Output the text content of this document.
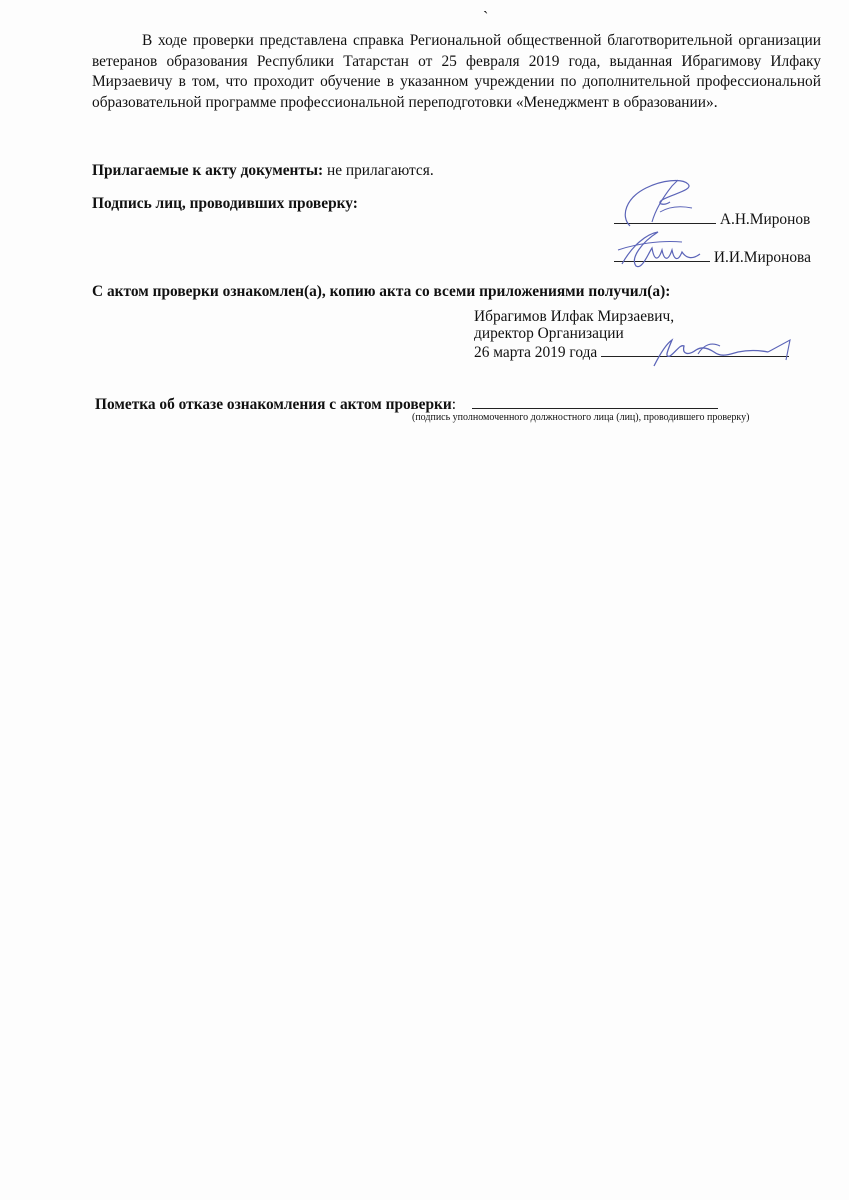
`

В ходе проверки представлена справка Региональной общественной благотворительной организации ветеранов образования Республики Татарстан от 25 февраля 2019 года, выданная Ибрагимову Илфаку Мирзаевичу в том, что проходит обучение в указанном учреждении по дополнительной профессиональной образовательной программе профессиональной переподготовки «Менеджмент в образовании».

Прилагаемые к акту документы: не прилагаются.

Подпись лиц, проводивших проверку:

А.Н.Миронов
И.И.Миронова

С актом проверки ознакомлен(а), копию акта со всеми приложениями получил(а):

Ибрагимов Илфак Мирзаевич,
директор Организации
26 марта 2019 года
Пометка об отказе ознакомления с актом проверки:
(подпись уполномоченного должностного лица (лиц), проводившего проверку)
